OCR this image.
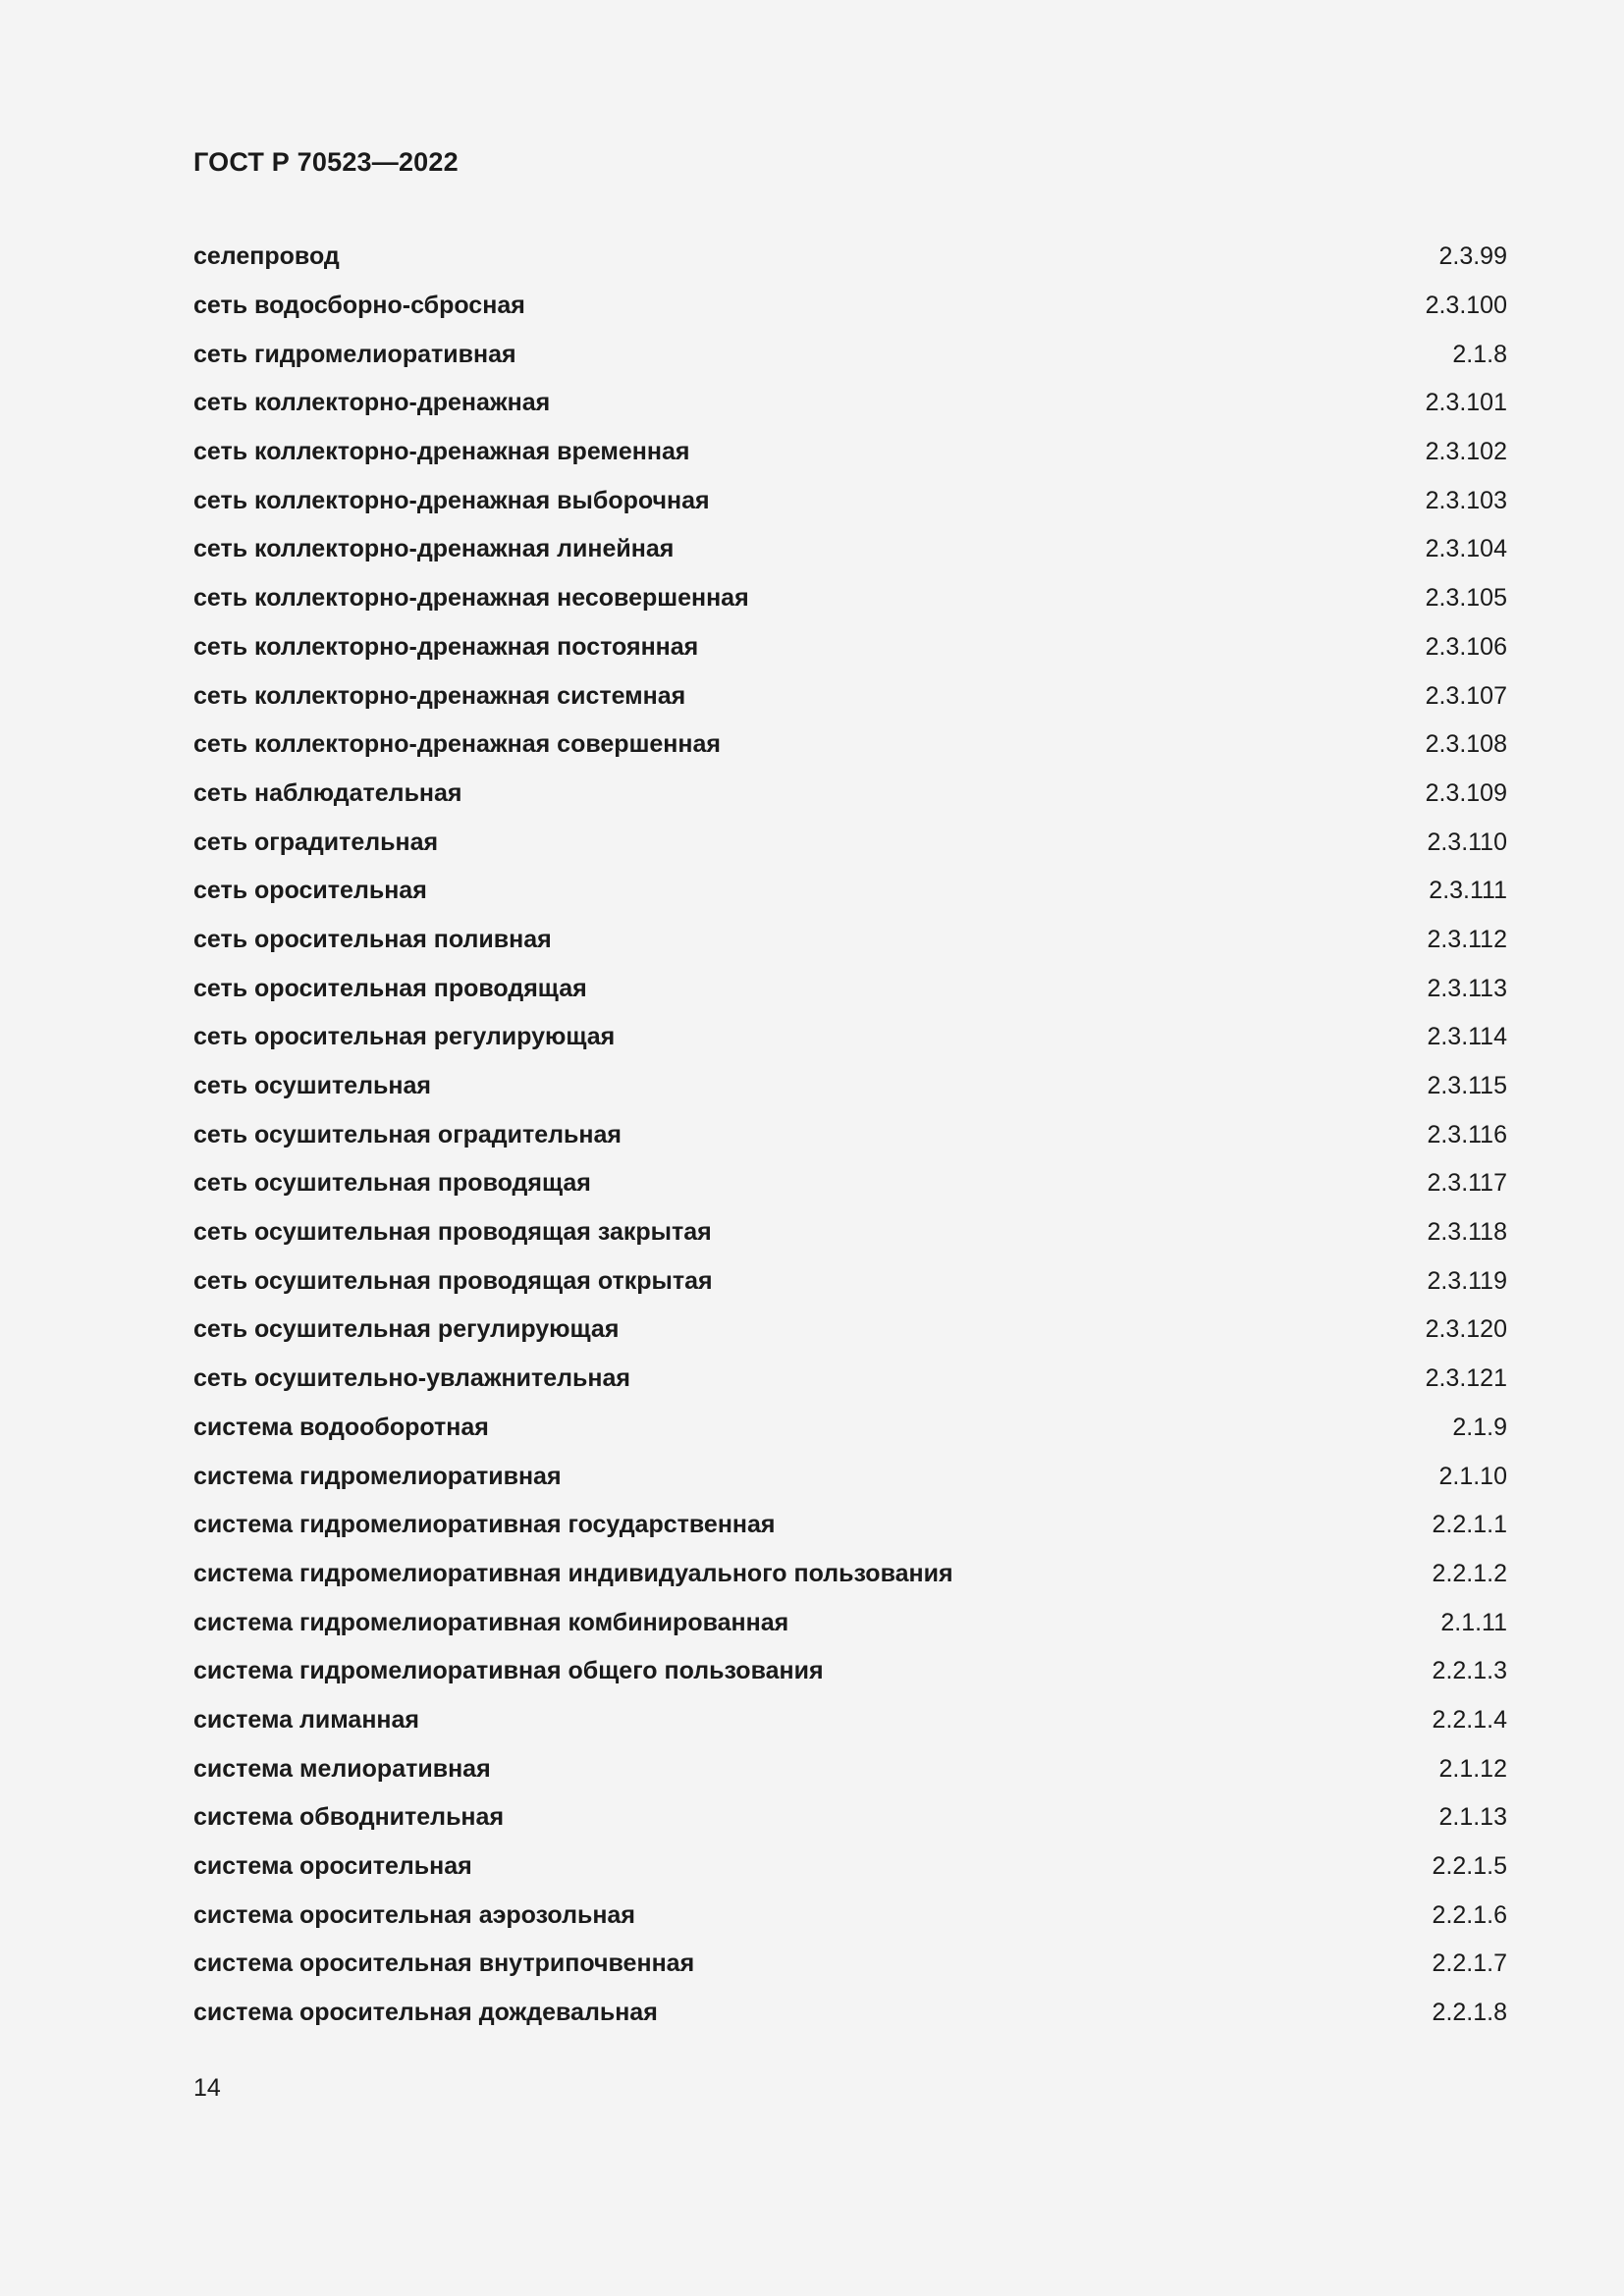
ГОСТ Р 70523—2022
селепровод	2.3.99
сеть водосборно-сбросная	2.3.100
сеть гидромелиоративная	2.1.8
сеть коллекторно-дренажная	2.3.101
сеть коллекторно-дренажная временная	2.3.102
сеть коллекторно-дренажная выборочная	2.3.103
сеть коллекторно-дренажная линейная	2.3.104
сеть коллекторно-дренажная несовершенная	2.3.105
сеть коллекторно-дренажная постоянная	2.3.106
сеть коллекторно-дренажная системная	2.3.107
сеть коллекторно-дренажная совершенная	2.3.108
сеть наблюдательная	2.3.109
сеть оградительная	2.3.110
сеть оросительная	2.3.111
сеть оросительная поливная	2.3.112
сеть оросительная проводящая	2.3.113
сеть оросительная регулирующая	2.3.114
сеть осушительная	2.3.115
сеть осушительная оградительная	2.3.116
сеть осушительная проводящая	2.3.117
сеть осушительная проводящая закрытая	2.3.118
сеть осушительная проводящая открытая	2.3.119
сеть осушительная регулирующая	2.3.120
сеть осушительно-увлажнительная	2.3.121
система водооборотная	2.1.9
система гидромелиоративная	2.1.10
система гидромелиоративная государственная	2.2.1.1
система гидромелиоративная индивидуального пользования	2.2.1.2
система гидромелиоративная комбинированная	2.1.11
система гидромелиоративная общего пользования	2.2.1.3
система лиманная	2.2.1.4
система мелиоративная	2.1.12
система обводнительная	2.1.13
система оросительная	2.2.1.5
система оросительная аэрозольная	2.2.1.6
система оросительная внутрипочвенная	2.2.1.7
система оросительная дождевальная	2.2.1.8
14
